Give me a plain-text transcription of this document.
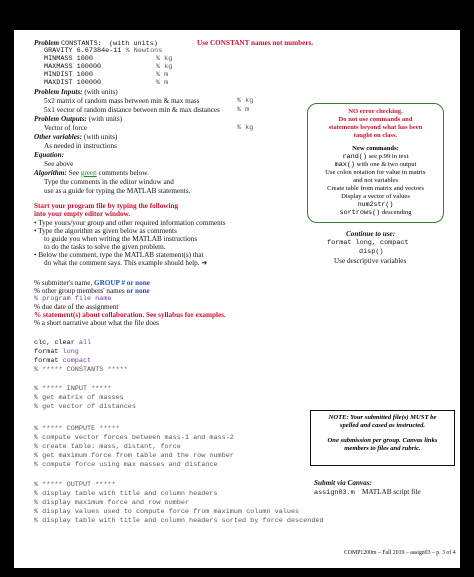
Problem CONSTANTS: (with units)	Use CONSTANT names not numbers.
GRAVITY 6.67384e-11 % Newtons
MINMASS 1000	% kg
MAXMASS 100000	% kg
MINDIST 1000	% m
MAXDIST 100000	% m
Problem Inputs: (with units)
5x2 matrix of random mass between min & max mass	% kg
5x1 vector of random distance between min & max distances	% m
Problem Outputs: (with units)
Vector of force	% kg
Other variables: (with units)
As needed in instructions
Equation:
See above
Algorithm: See green comments below.
Type the comments in the editor window and
use as a guide for typing the MATLAB statements.
Start your program file by typing the following
into your empty editor window.
• Type yours/your group and other required information comments
• Type the algorithm as given below as comments
to guide you when writing the MATLAB instructions
to do the tasks to solve the given problem.
• Below the comment, type the MATLAB statement(s) that
do what the comment says. This example should help. ➔
% submitter's name, GROUP # or none
% other group members' names or none
% program file name
% due date of the assignment
% statement(s) about collaboration. See syllabus for examples.
% a short narrative about what the file does
clc, clear all
format long
format compact
% ***** CONSTANTS *****
% ***** INPUT *****
% get matrix of masses
% get vector of distances
% ***** COMPUTE *****
% compute vector forces between mass-1 and mass-2
% create table: mass, distant, force
% get maximum force from table and the row number
% compute force using max masses and distance
% ***** OUTPUT *****
% display table with title and column headers
% display maximum force and row number
% display values used to compute force from maximum column values
% display table with title and column headers sorted by force descended
NO error checking.
Do not use commands and
statements beyond what has been
taught on class.
New commands:
rand() see p.99 in text
max() with one & two output
Use colon notation for value in matrix
and not variables
Create table from matrix and vectors
Display a vector of values
num2str()
sortrows() descending
Continue to use:
format long, compact
disp()
Use descriptive variables
NOTE: Your submitted file(s) MUST be
spelled and cased as instructed.
One submission per group. Canvas links
members to files and rubric.
Submit via Canvas:
assign03.m MATLAB script file
COMP1200m – Fall 2019 – assign03 – p. 3 of 4
